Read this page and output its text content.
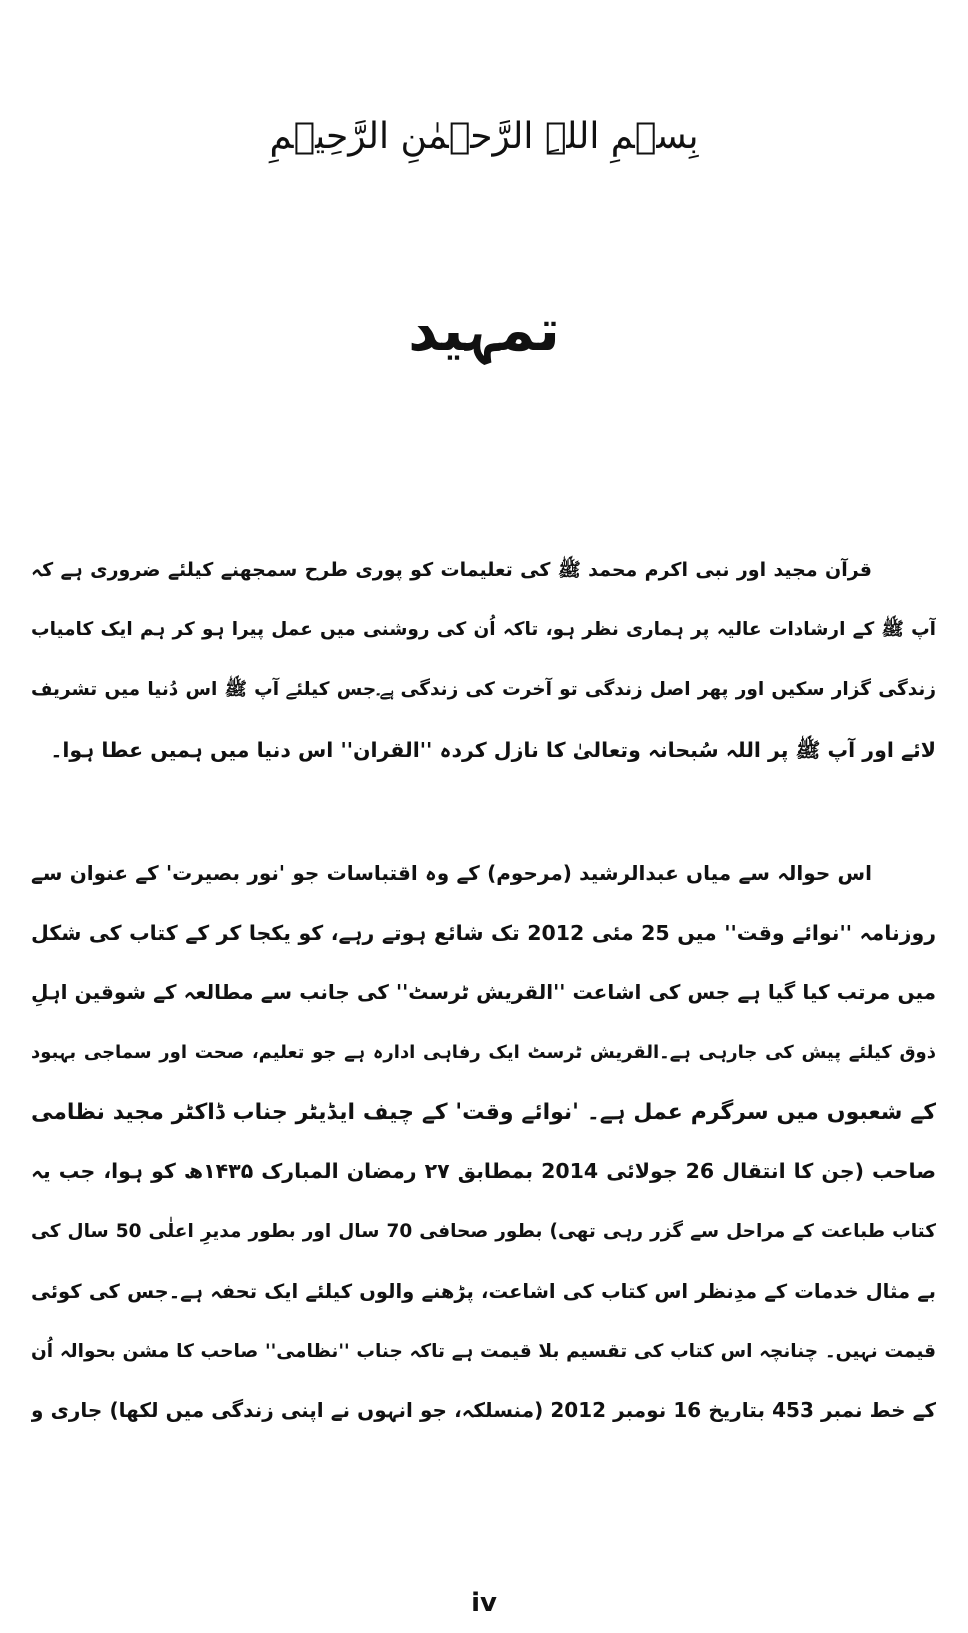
بِسۡمِ اللہِ الرَّحۡمٰنِ الرَّحِیۡمِ
تمہید
قرآن مجید اور نبی اکرم محمد ﷺ کی تعلیمات کو پوری طرح سمجھنے کیلئے ضروری ہے کہ
آپ ﷺ کے ارشادات عالیہ پر ہماری نظر ہو، تاکہ اُن کی روشنی میں عمل پیرا ہو کر ہم ایک کامیاب
زندگی گزار سکیں اور پھر اصل زندگی تو آخرت کی زندگی ہے۔جس کیلئے آپ ﷺ اس دُنیا میں تشریف
لائے اور آپ ﷺ پر اللہ سُبحانہ وتعالیٰ کا نازل کردہ ''القران'' اس دنیا میں ہمیں عطا ہوا۔
اس حوالہ سے میاں عبدالرشید (مرحوم) کے وہ اقتباسات جو 'نور بصیرت' کے عنوان سے
روزنامہ ''نوائے وقت'' میں 25 مئی 2012 تک شائع ہوتے رہے، کو یکجا کر کے کتاب کی شکل
میں مرتب کیا گیا ہے جس کی اشاعت ''القریش ٹرسٹ'' کی جانب سے مطالعہ کے شوقین اہلِ
ذوق کیلئے پیش کی جارہی ہے۔القریش ٹرسٹ ایک رفاہی ادارہ ہے جو تعلیم، صحت اور سماجی بہبود
کے شعبوں میں سرگرم عمل ہے۔ 'نوائے وقت' کے چیف ایڈیٹر جناب ڈاکٹر مجید نظامی
صاحب (جن کا انتقال 26 جولائی 2014 بمطابق ۲۷ رمضان المبارک ۱۴۳۵ھ کو ہوا، جب یہ
کتاب طباعت کے مراحل سے گزر رہی تھی) بطور صحافی 70 سال اور بطور مدیرِ اعلٰی 50 سال کی
بے مثال خدمات کے مدِنظر اس کتاب کی اشاعت، پڑھنے والوں کیلئے ایک تحفہ ہے۔جس کی کوئی
قیمت نہیں۔ چنانچہ اس کتاب کی تقسیم بلا قیمت ہے تاکہ جناب ''نظامی'' صاحب کا مشن بحوالہ اُن
کے خط نمبر 453 بتاریخ 16 نومبر 2012 (منسلکہ، جو انہوں نے اپنی زندگی میں لکھا) جاری و
iv
